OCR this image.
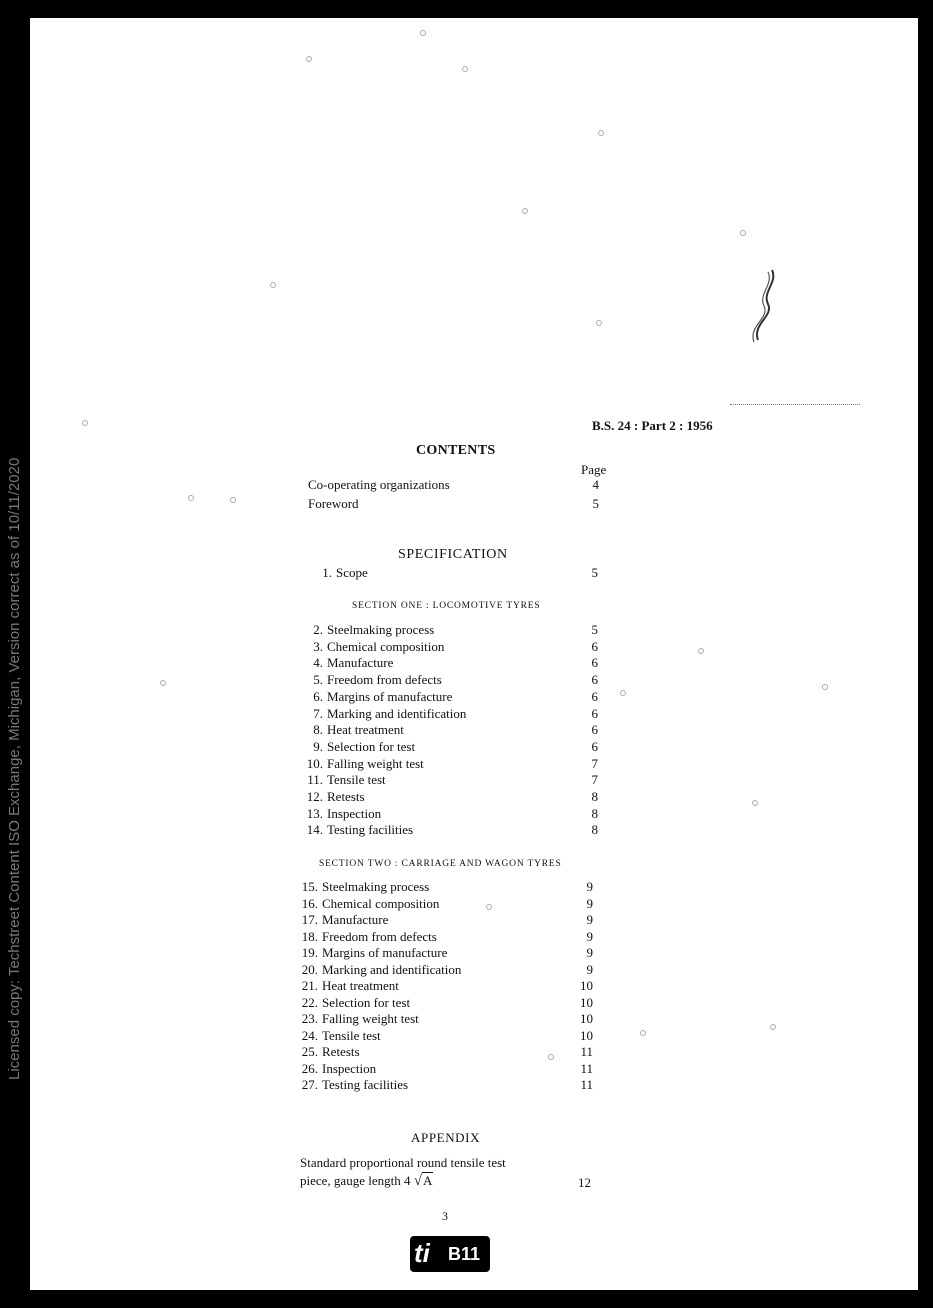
Licensed copy: Techstreet Content ISO Exchange, Michigan, Version correct as of 10/11/2020
B.S. 24 : Part 2 : 1956
CONTENTS
Page
Co-operating organizations	4
Foreword	5
SPECIFICATION
1. Scope	5
SECTION ONE : LOCOMOTIVE TYRES
2. Steelmaking process	5
3. Chemical composition	6
4. Manufacture	6
5. Freedom from defects	6
6. Margins of manufacture	6
7. Marking and identification	6
8. Heat treatment	6
9. Selection for test	6
10. Falling weight test	7
11. Tensile test	7
12. Retests	8
13. Inspection	8
14. Testing facilities	8
SECTION TWO : CARRIAGE AND WAGON TYRES
15. Steelmaking process	9
16. Chemical composition	9
17. Manufacture	9
18. Freedom from defects	9
19. Margins of manufacture	9
20. Marking and identification	9
21. Heat treatment	10
22. Selection for test	10
23. Falling weight test	10
24. Tensile test	10
25. Retests	11
26. Inspection	11
27. Testing facilities	11
APPENDIX
Standard proportional round tensile test
piece, gauge length 4 √A	12
3
ti B11
